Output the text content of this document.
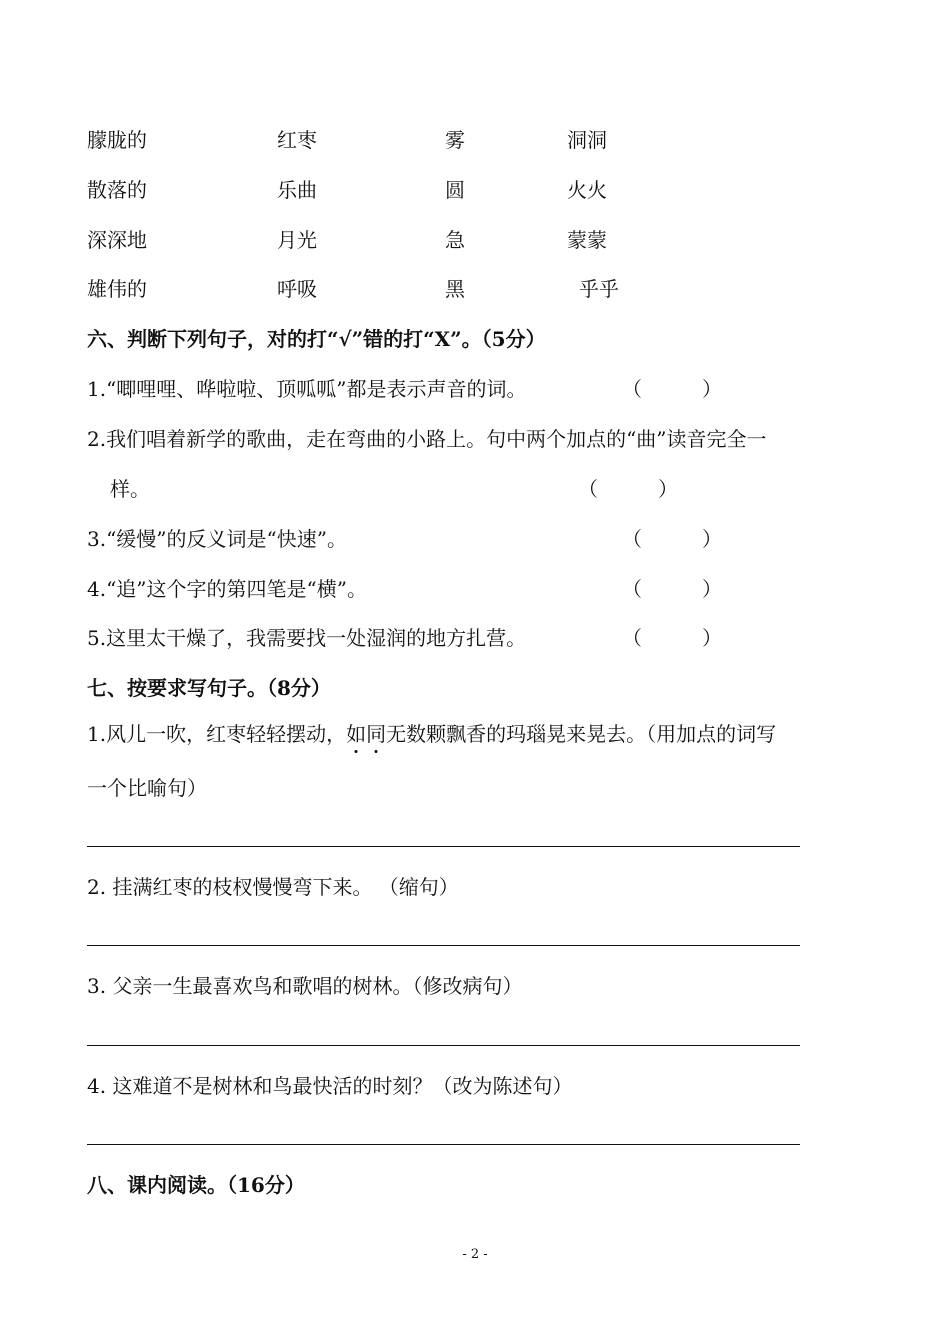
朦胧的	红枣	雾	洞洞
散落的	乐曲	圆	火火
深深地	月光	急	蒙蒙
雄伟的	呼吸	黑	乎乎
六、判断下列句子，对的打“√”错的打“X”。（5分）
1.“唧哩哩、哗啦啦、顶呱呱”都是表示声音的词。	（　　　）
2.我们唱着新学的歌曲，走在弯曲的小路上。句中两个加点的“曲”读音完全一
样。	（　　　）
3.“缓慢”的反义词是“快速”。	（　　　）
4.“追”这个字的第四笔是“横”。	（　　　）
5.这里太干燥了，我需要找一处湿润的地方扎营。	（　　　）
七、按要求写句子。（8分）
1.风儿一吹，红枣轻轻摆动，如同无数颗飘香的玛瑙晃来晃去。（用加点的词写
一个比喻句）
2. 挂满红枣的枝杈慢慢弯下来。 （缩句）
3. 父亲一生最喜欢鸟和歌唱的树林。（修改病句）
4. 这难道不是树林和鸟最快活的时刻？（改为陈述句）
八、课内阅读。（16分）
- 2 -
